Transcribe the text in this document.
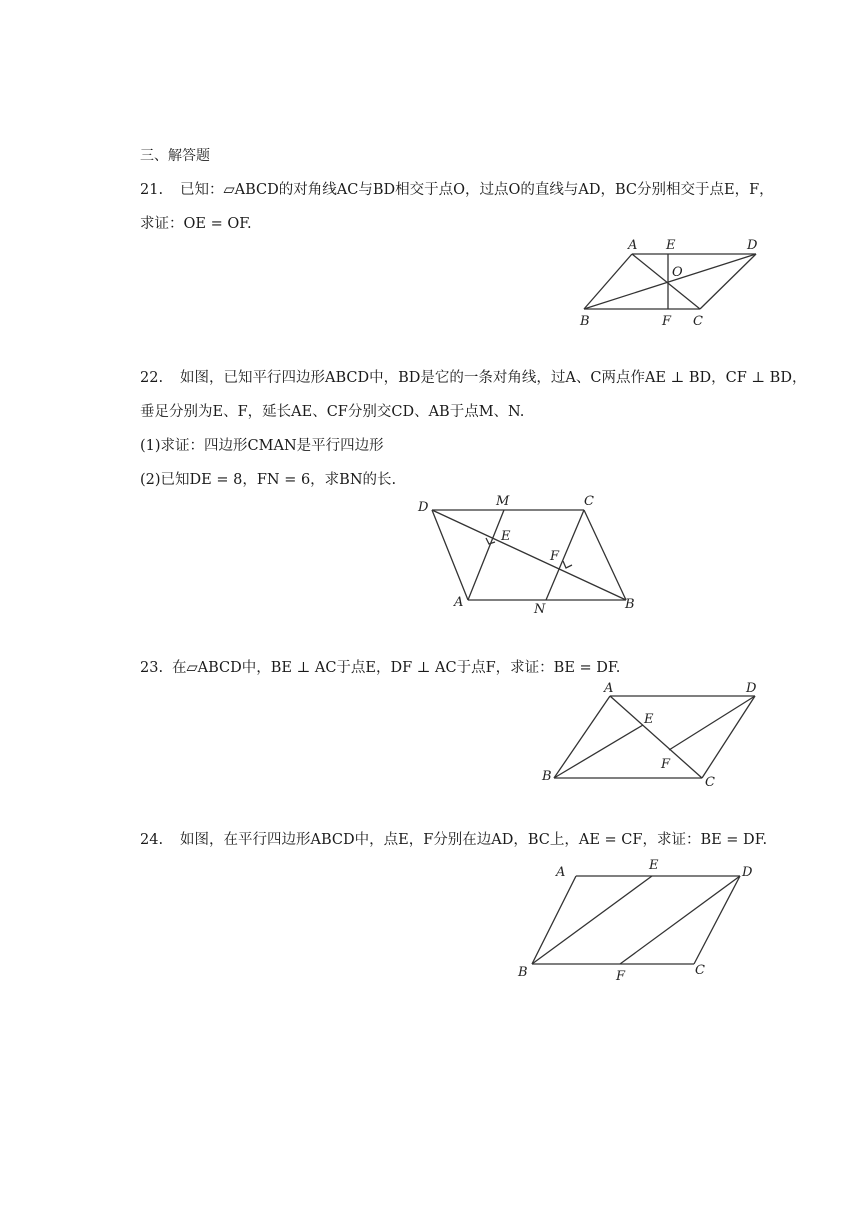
三、解答题
21. 已知：▱ABCD的对角线AC与BD相交于点O，过点O的直线与AD，BC分别相交于点E，F，
求证：OE = OF.
A E	D
O
B	F C
22. 如图，已知平行四边形ABCD中，BD是它的一条对角线，过A、C两点作AE ⊥ BD，CF ⊥ BD，
垂足分别为E、F，延长AE、CF分别交CD、AB于点M、N.
(1)求证：四边形CMAN是平行四边形
(2)已知DE = 8，FN = 6，求BN的长.
D	M	C
E
F
A	N	B
23. 在▱ABCD中，BE ⊥ AC于点E，DF ⊥ AC于点F，求证：BE = DF.
A	D
E
F
B	C
24. 如图，在平行四边形ABCD中，点E，F分别在边AD，BC上，AE = CF，求证：BE = DF.
A	E	D
B	F	C
